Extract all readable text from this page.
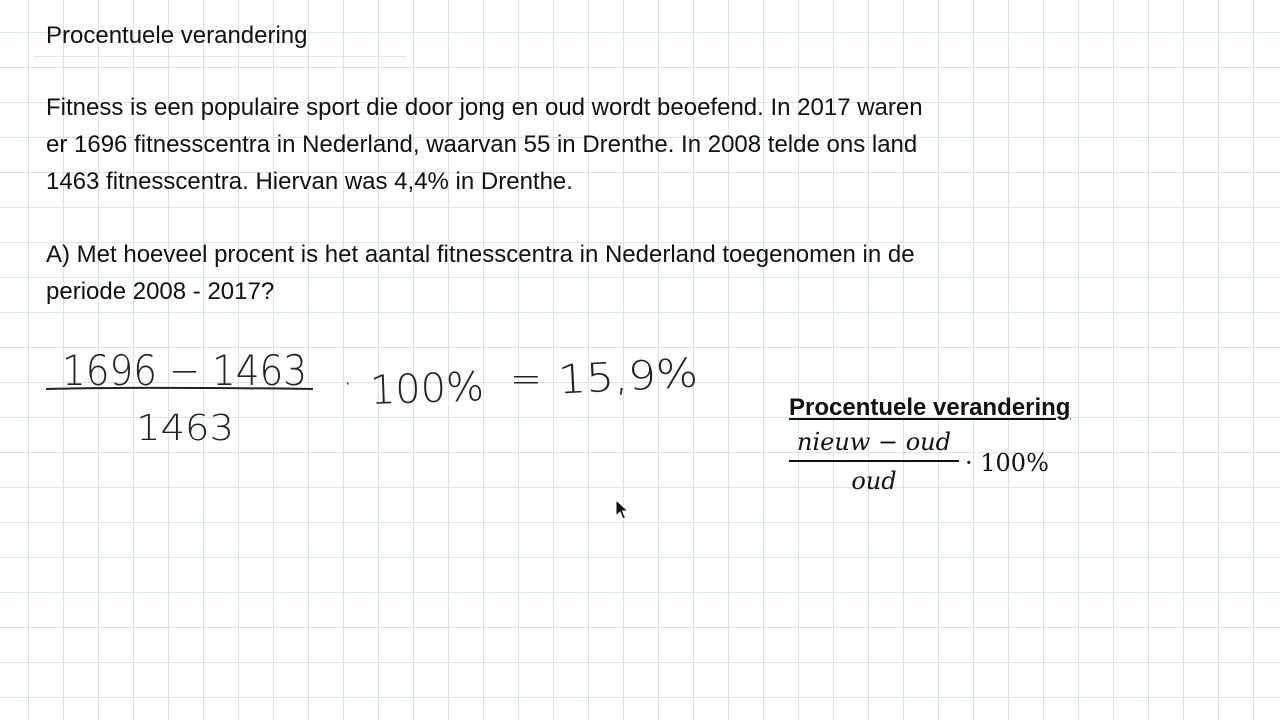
Procentuele verandering
Fitness is een populaire sport die door jong en oud wordt beoefend. In 2017 waren
er 1696 fitnesscentra in Nederland, waarvan 55 in Drenthe. In 2008 telde ons land
1463 fitnesscentra. Hiervan was 4,4% in Drenthe.
A) Met hoeveel procent is het aantal fitnesscentra in Nederland toegenomen in de
periode 2008 - 2017?
1696 − 1463
1463
· 100% = 15,9%
Procentuele verandering
nieuw − oud
oud
· 100%
